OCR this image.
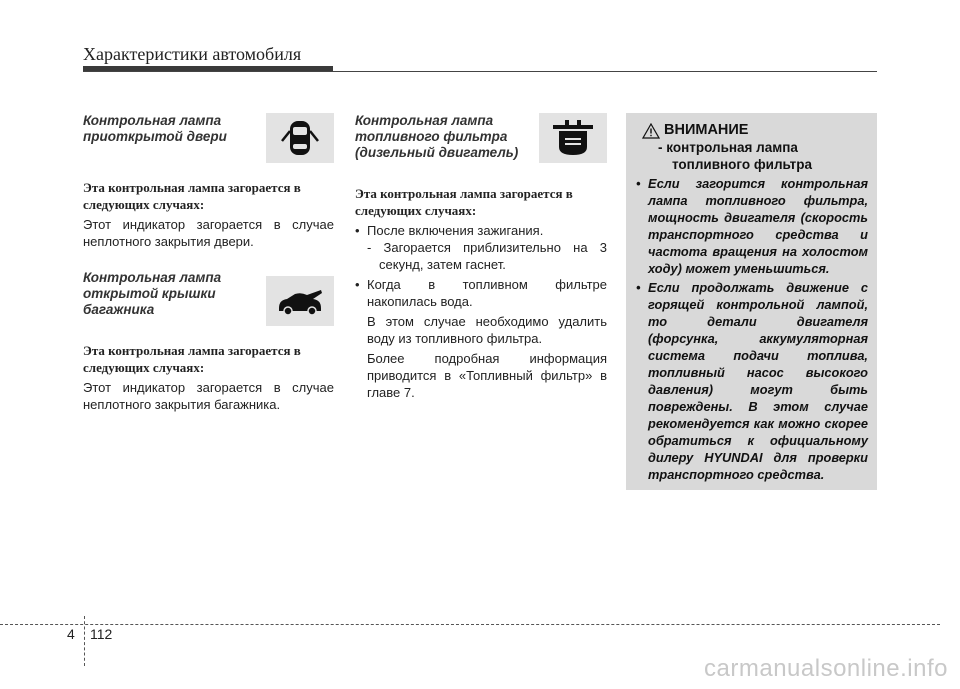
Характеристики автомобиля
Контрольная лампа
приоткрытой двери
Эта контрольная лампа загорается в
следующих случаях:
Этот индикатор загорается в случае неплотного закрытия двери.
Контрольная лампа
открытой крышки
багажника
Эта контрольная лампа загорается в
следующих случаях:
Этот индикатор загорается в случае неплотного закрытия багажника.
Контрольная лампа
топливного фильтра
(дизельный двигатель)
Эта контрольная лампа загорается в
следующих случаях:
• После включения зажигания.
- Загорается приблизительно на 3 секунд, затем гаснет.
• Когда в топливном фильтре накопилась вода.
В этом случае необходимо удалить воду из топливного фильтра.
Более подробная информация приводится в «Топливный фильтр» в главе 7.
ВНИМАНИЕ
- контрольная лампа
топливного фильтра
• Если загорится контрольная лампа топливного фильтра, мощность двигателя (скорость транспортного средства и частота вращения на холостом ходу) может уменьшиться.
• Если продолжать движение с горящей контрольной лампой, то детали двигателя (форсунка, аккумуляторная система подачи топлива, топливный насос высокого давления) могут быть повреждены. В этом случае рекомендуется как можно скорее обратиться к официальному дилеру HYUNDAI для проверки транспортного средства.
4 112
carmanualsonline.info
